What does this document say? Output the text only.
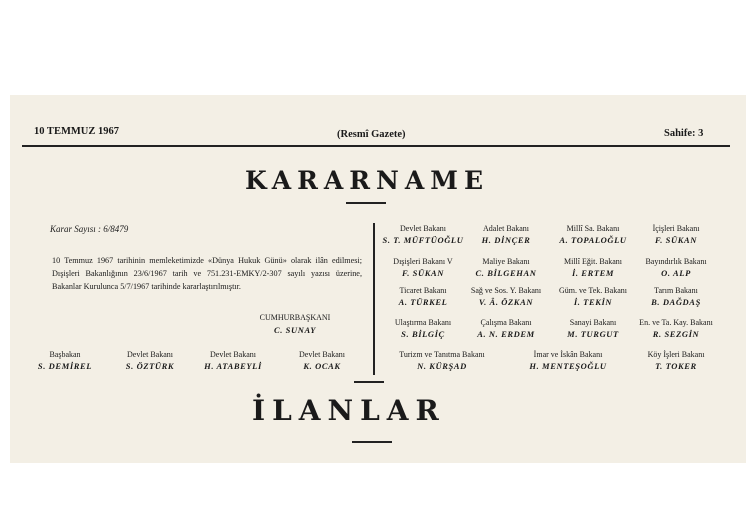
10 TEMMUZ 1967	(Resmî Gazete)	Sahife: 3
KARARNAME
Karar Sayısı : 6/8479
10 Temmuz 1967 tarihinin memleketimizde «Dünya Hukuk Günü» olarak ilân edilmesi; Dışişleri Bakanlığının 23/6/1967 tarih ve 751.231-EMKY/2-307 sayılı yazısı üzerine, Bakanlar Kurulunca 5/7/1967 tarihinde kararlaştırılmıştır.
CUMHURBAŞKANI
C. SUNAY
Başbakan
S. DEMİREL
Devlet Bakanı
S. ÖZTÜRK
Devlet Bakanı
H. ATABEYLİ
Devlet Bakanı
K. OCAK
Devlet Bakanı
S. T. MÜFTÜOĞLU
Adalet Bakanı
H. DİNÇER
Millî Sa. Bakanı
A. TOPALOĞLU
İçişleri Bakanı
F. SÜKAN
Dışişleri Bakanı V
F. SÜKAN
Maliye Bakanı
C. BİLGEHAN
Millî Eğit. Bakanı
İ. ERTEM
Bayındırlık Bakanı
O. ALP
Ticaret Bakanı
A. TÜRKEL
Sağ ve Sos. Y. Bakanı
V. Â. ÖZKAN
Güm. ve Tek. Bakanı
İ. TEKİN
Tarım Bakanı
B. DAĞDAŞ
Ulaştırma Bakanı
S. BİLGİÇ
Çalışma Bakanı
A. N. ERDEM
Sanayi Bakanı
M. TURGUT
En. ve Ta. Kay. Bakanı
R. SEZGİN
Turizm ve Tanıtma Bakanı
N. KÜRŞAD
İmar ve İskân Bakanı
H. MENTEŞOĞLU
Köy İşleri Bakanı
T. TOKER
İLANLAR
